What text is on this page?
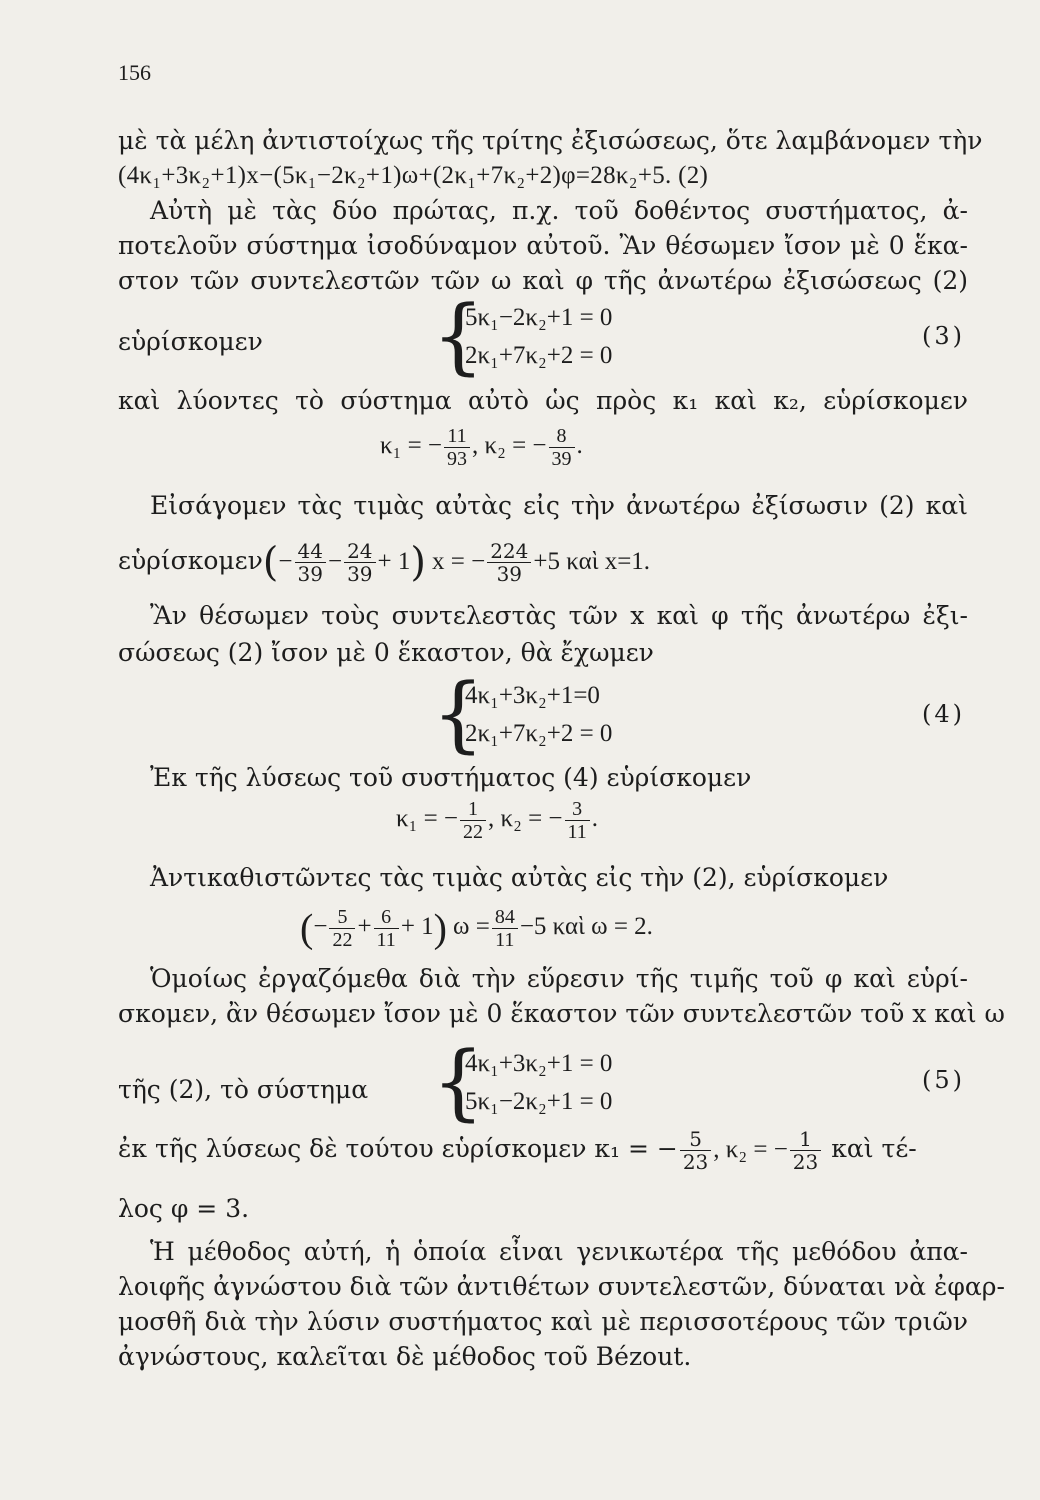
156
μὲ τὰ μέλη ἀντιστοίχως τῆς τρίτης ἐξισώσεως, ὅτε λαμβάνομεν τὴν
(4κ₁+3κ₂+1)x−(5κ₁−2κ₂+1)ω+(2κ₁+7κ₂+2)φ=28κ₂+5. (2)
Αὐτὴ μὲ τὰς δύο πρώτας, π.χ. τοῦ δοθέντος συστήματος, ἀ-
ποτελοῦν σύστημα ἰσοδύναμον αὐτοῦ. Ἂν θέσωμεν ἴσον μὲ 0 ἕκα-
στον τῶν συντελεστῶν τῶν ω καὶ φ τῆς ἀνωτέρω ἐξισώσεως (2)
εὑρίσκομεν {
5κ₁−2κ₂+1 = 0
2κ₁+7κ₂+2 = 0
(3)
καὶ λύοντες τὸ σύστημα αὐτὸ ὡς πρὸς κ₁ καὶ κ₂, εὑρίσκομεν
κ₁ = − $\frac{11}{93}$ , κ₂ = − $\frac{8}{39}$ .
Εἰσάγομεν τὰς τιμὰς αὐτὰς εἰς τὴν ἀνωτέρω ἐξίσωσιν (2) καὶ
εὑρίσκομεν(− $\frac{44}{39} - \frac{24}{39} + 1$) x = − $\frac{224}{39} +5$ καὶ x=1.
Ἂν θέσωμεν τοὺς συντελεστὰς τῶν x καὶ φ τῆς ἀνωτέρω ἐξι-
σώσεως (2) ἴσον μὲ 0 ἕκαστον, θὰ ἔχωμεν
{
4κ₁+3κ₂+1=0
2κ₁+7κ₂+2 = 0
(4)
Ἐκ τῆς λύσεως τοῦ συστήματος (4) εὑρίσκομεν
κ₁ = − $\frac{1}{22}$ , κ₂ = − $\frac{3}{11}$ .
Ἀντικαθιστῶντες τὰς τιμὰς αὐτὰς εἰς τὴν (2), εὑρίσκομεν
(− $\frac{5}{22} + \frac{6}{11} + 1$) $\omega = \frac{84}{11} -5$ καὶ ω = 2.
Ὁμοίως ἐργαζόμεθα διὰ τὴν εὕρεσιν τῆς τιμῆς τοῦ φ καὶ εὑρί-
σκομεν, ἂν θέσωμεν ἴσον μὲ 0 ἕκαστον τῶν συντελεστῶν τοῦ x καὶ ω
τῆς (2), τὸ σύστημα {
4κ₁+3κ₂+1 = 0
5κ₁−2κ₂+1 = 0
(5)
ἐκ τῆς λύσεως δὲ τούτου εὑρίσκομεν κ₁ = − $\frac{5}{23}$ , κ₂ = − $\frac{1}{23}$ καὶ τέ-
λος φ = 3.
Ἡ μέθοδος αὐτή, ἡ ὁποία εἶναι γενικωτέρα τῆς μεθόδου ἀπα-
λοιφῆς ἀγνώστου διὰ τῶν ἀντιθέτων συντελεστῶν, δύναται νὰ ἐφαρ-
μοσθῆ διὰ τὴν λύσιν συστήματος καὶ μὲ περισσοτέρους τῶν τριῶν
ἀγνώστους, καλεῖται δὲ μέθοδος τοῦ Bézout.
